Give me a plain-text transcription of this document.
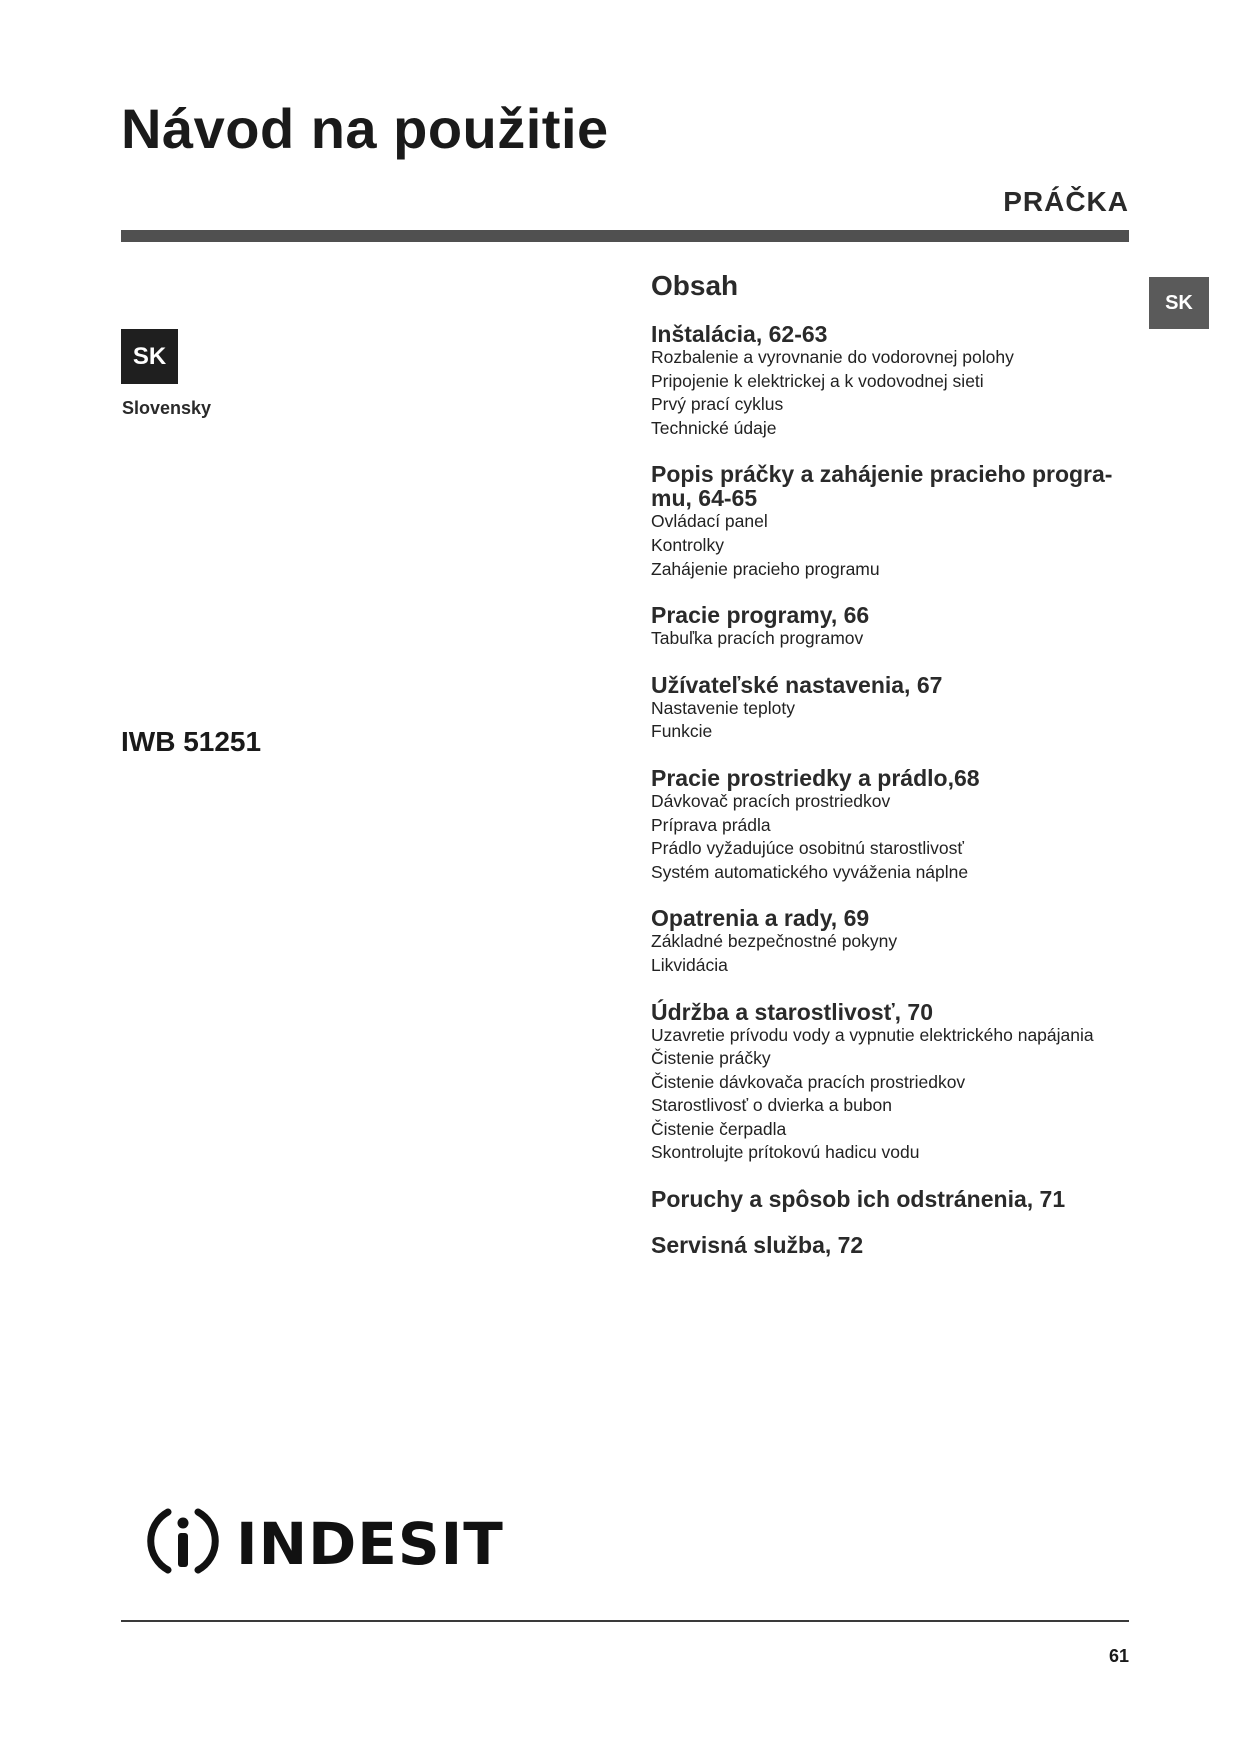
Návod na použitie
PRÁČKA
SK
SK
Slovensky
IWB 51251
Obsah
Inštalácia, 62-63
Rozbalenie a vyrovnanie do vodorovnej polohy
Pripojenie k elektrickej a k vodovodnej sieti
Prvý prací cyklus
Technické údaje
Popis práčky a zahájenie pracieho progra-
mu, 64-65
Ovládací panel
Kontrolky
Zahájenie pracieho programu
Pracie programy, 66
Tabuľka pracích programov
Užívateľské nastavenia, 67
Nastavenie teploty
Funkcie
Pracie prostriedky a prádlo,68
Dávkovač pracích prostriedkov
Príprava prádla
Prádlo vyžadujúce osobitnú starostlivosť
Systém automatického vyváženia náplne
Opatrenia a rady, 69
Základné bezpečnostné pokyny
Likvidácia
Údržba a starostlivosť, 70
Uzavretie prívodu vody a vypnutie elektrického napájania
Čistenie práčky
Čistenie dávkovača pracích prostriedkov
Starostlivosť o dvierka a bubon
Čistenie čerpadla
Skontrolujte prítokovú hadicu vodu
Poruchy a spôsob ich odstránenia, 71
Servisná služba, 72
INDESIT
61
